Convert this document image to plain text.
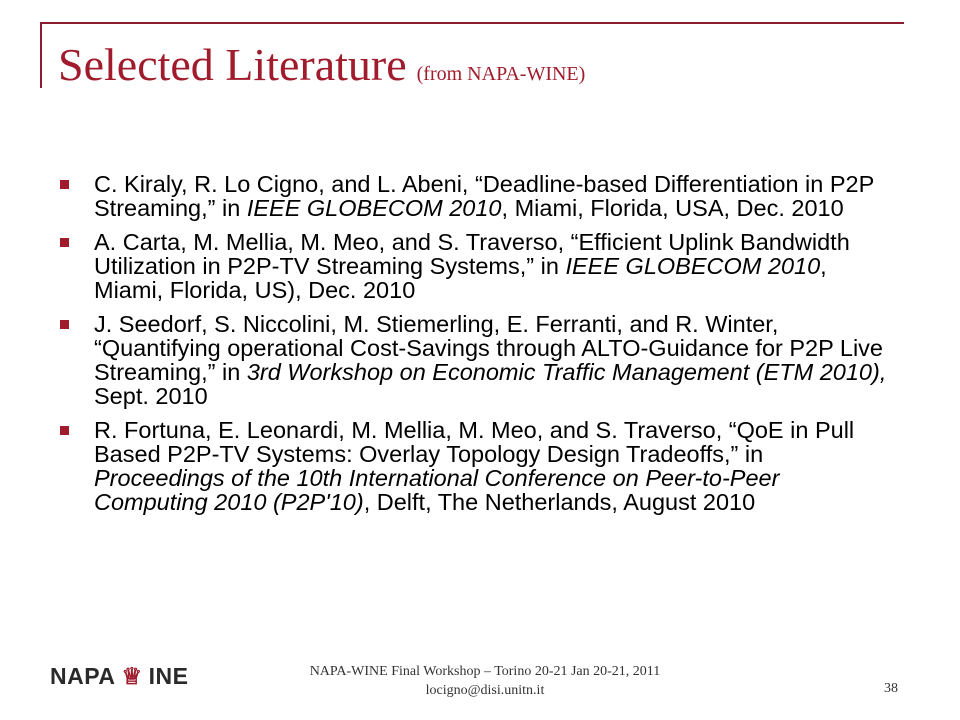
Selected Literature (from NAPA-WINE)
C. Kiraly, R. Lo Cigno, and L. Abeni, “Deadline-based Differentiation in P2P Streaming,” in IEEE GLOBECOM 2010, Miami, Florida, USA, Dec. 2010
A. Carta, M. Mellia, M. Meo, and S. Traverso, “Efficient Uplink Bandwidth Utilization in P2P-TV Streaming Systems,” in IEEE GLOBECOM 2010, Miami, Florida, US), Dec. 2010
J. Seedorf, S. Niccolini, M. Stiemerling, E. Ferranti, and R. Winter, “Quantifying operational Cost-Savings through ALTO-Guidance for P2P Live Streaming,” in 3rd Workshop on Economic Traffic Management (ETM 2010), Sept. 2010
R. Fortuna, E. Leonardi, M. Mellia, M. Meo, and S. Traverso, “QoE in Pull Based P2P-TV Systems: Overlay Topology Design Tradeoffs,” in Proceedings of the 10th International Conference on Peer-to-Peer Computing 2010 (P2P'10), Delft, The Netherlands, August 2010
NAPA ♕ INE	NAPA-WINE Final Workshop – Torino 20-21 Jan 20-21, 2011
locigno@disi.unitn.it	38
